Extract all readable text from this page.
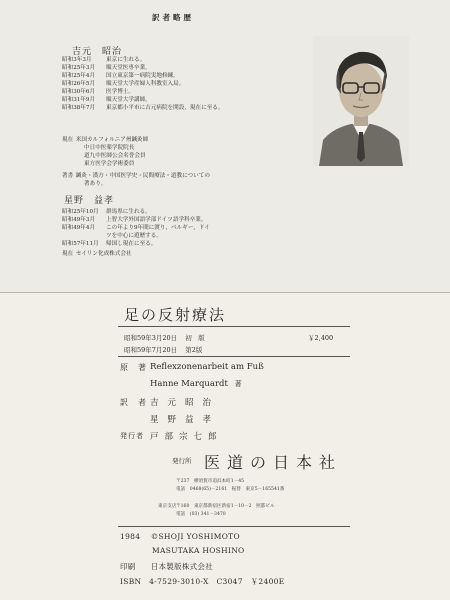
訳者略歴
吉元　昭治
昭和3年3月	東京に生れる。
昭和25年3月	順天堂医専卒業。
昭和25年4月	国立東京第一病院実地修練。
昭和26年5月	順天堂大学産婦人科教室入局。
昭和30年6月	医学博士。
昭和31年9月	順天堂大学講師。
昭和38年7月	東京都小平市に吉元病院を開設，現在に至る。
現在 米国カルフォルニア州鍼灸師
中日中医薬学院院長
道九中医師公会名誉会員
東方医学会学術委員
著書 鍼灸・漢方・中国医学史・民間療法・道教についての
著あり。
星野　益孝
昭和25年10月	群馬県に生れる。
昭和49年3月	上智大学外国語学部ドイツ語学科卒業。
昭和49年4月	この年より9年間に渡り，ベルギー，ドイ
ツを中心に遊歴する。
昭和57年11月	帰国し現在に至る。
現在 セイリン化成株式会社
足の反射療法
昭和59年3月20日 初　版	￥2,400
昭和59年7月20日 第2版
原　著 Reflexzonenarbeit am Fuß
Hanne Marquardt 著
訳　者 吉元昭治
星野益孝
発行者 戸部宗七郎
発行所 医道の日本社
〒237　横須賀市追浜本町1－45
電話　0468(65)－2161　振替　東京5－165541番
東京支店 〒160　東京都新宿区新宿1－10－2　照都ビル
電話　(03) 341－3470
1984 ©SHOJI YOSHIMOTO
MASUTAKA HOSHINO
印刷 日本製版株式会社
ISBN　4-7529-3010-X　C3047　￥2400E
